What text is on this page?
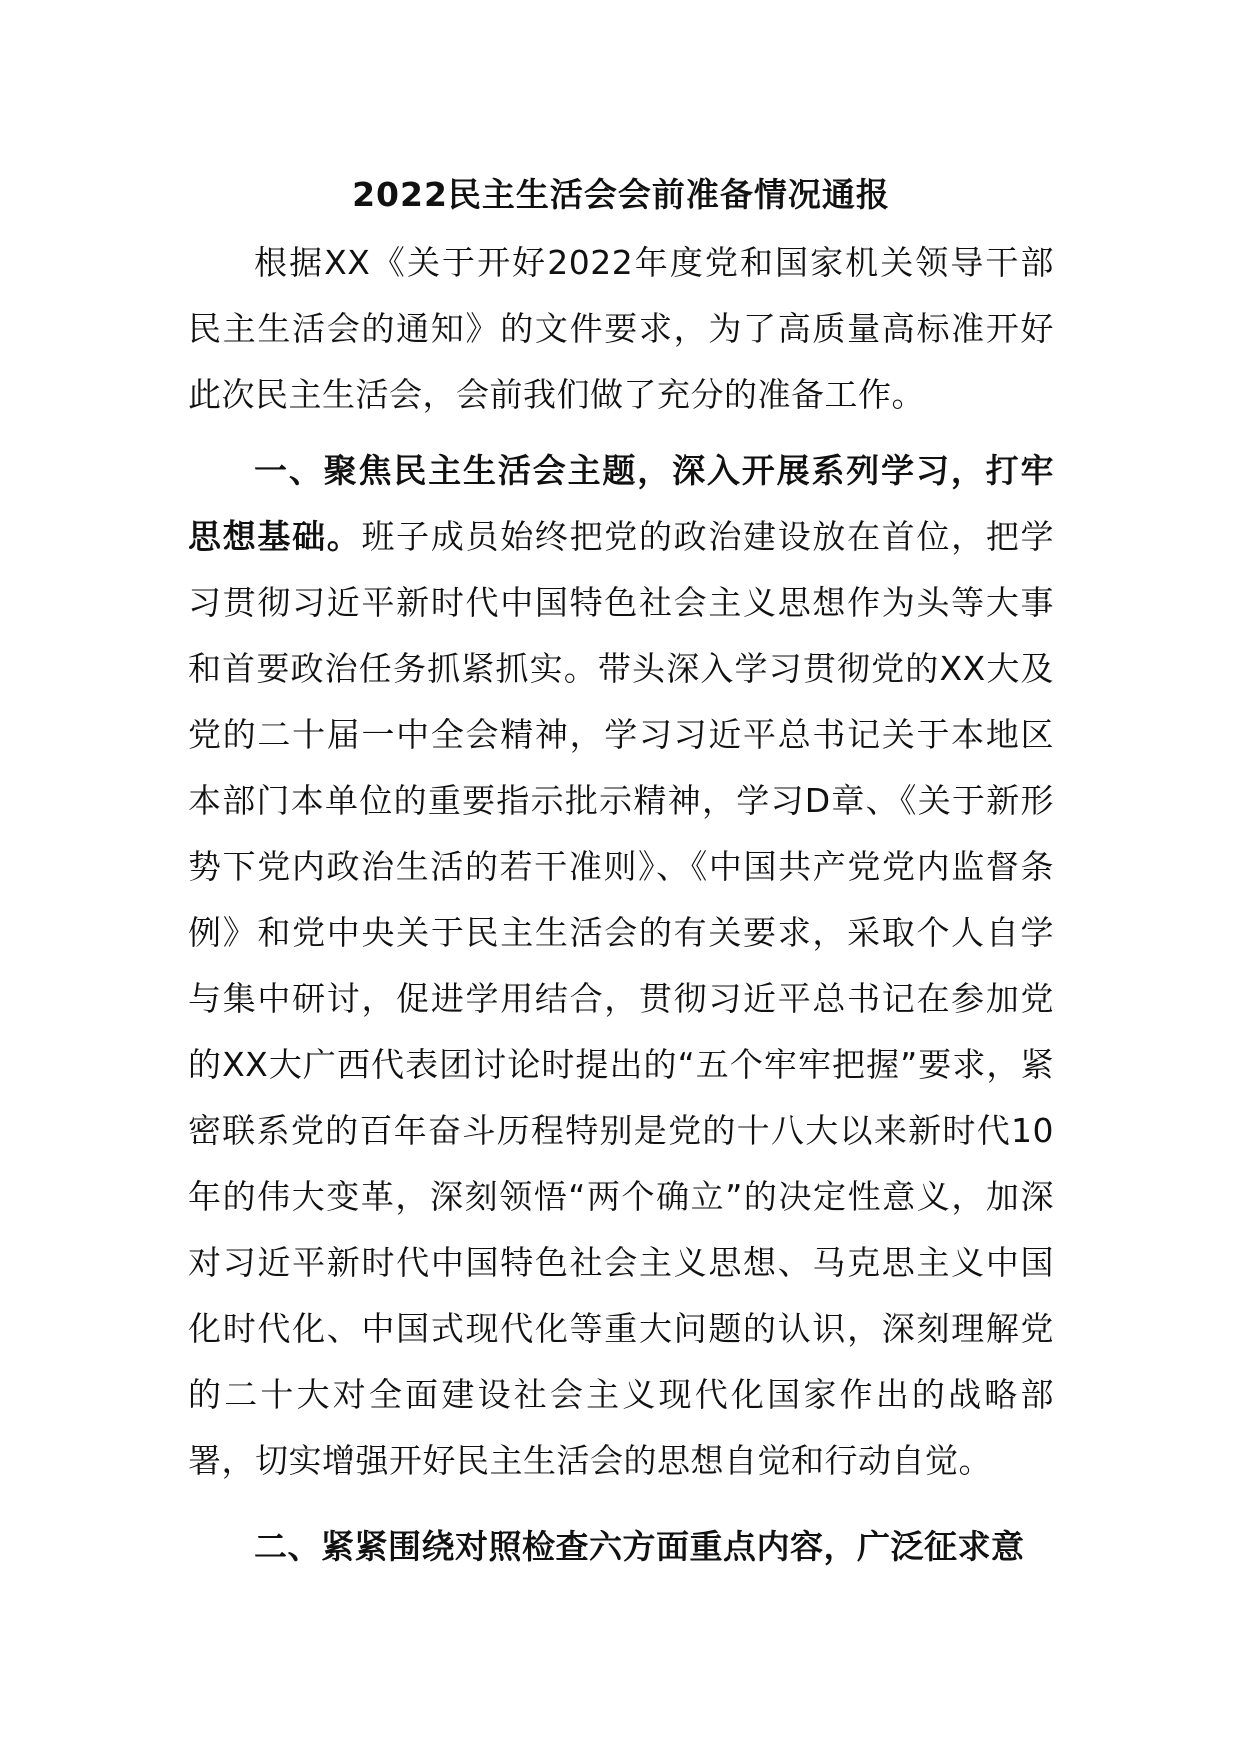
2022民主生活会会前准备情况通报

根据XX《关于开好2022年度党和国家机关领导干部民主生活会的通知》的文件要求，为了高质量高标准开好此次民主生活会，会前我们做了充分的准备工作。

一、聚焦民主生活会主题，深入开展系列学习，打牢思想基础。班子成员始终把党的政治建设放在首位，把学习贯彻习近平新时代中国特色社会主义思想作为头等大事和首要政治任务抓紧抓实。带头深入学习贯彻党的XX大及党的二十届一中全会精神，学习习近平总书记关于本地区本部门本单位的重要指示批示精神，学习D章、《关于新形势下党内政治生活的若干准则》、《中国共产党党内监督条例》和党中央关于民主生活会的有关要求，采取个人自学与集中研讨，促进学用结合，贯彻习近平总书记在参加党的XX大广西代表团讨论时提出的“五个牢牢把握”要求，紧密联系党的百年奋斗历程特别是党的十八大以来新时代10年的伟大变革，深刻领悟“两个确立”的决定性意义，加深对习近平新时代中国特色社会主义思想、马克思主义中国化时代化、中国式现代化等重大问题的认识，深刻理解党的二十大对全面建设社会主义现代化国家作出的战略部署，切实增强开好民主生活会的思想自觉和行动自觉。

二、紧紧围绕对照检查六方面重点内容，广泛征求意
